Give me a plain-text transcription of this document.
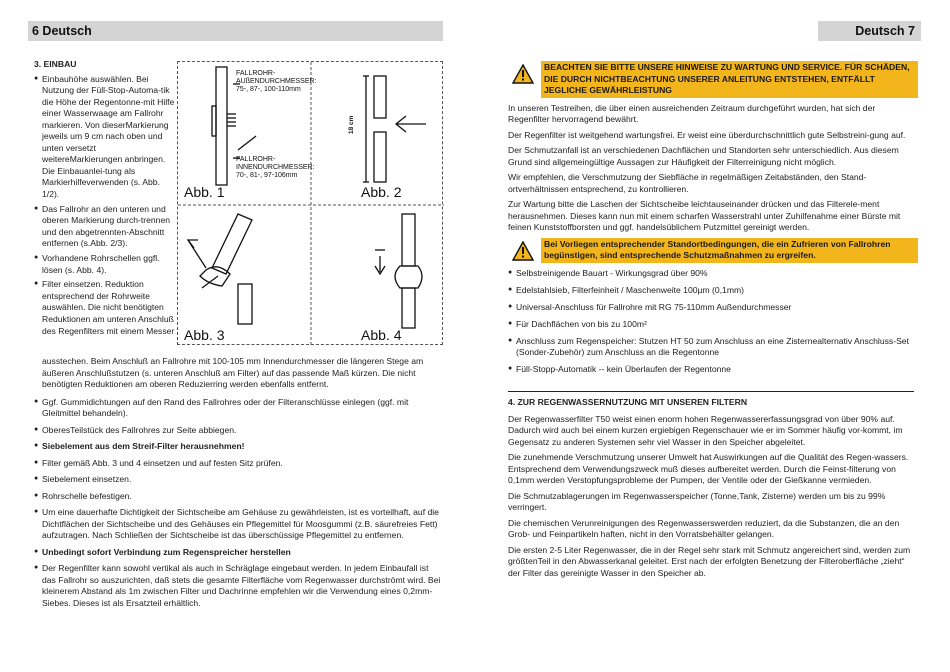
6 Deutsch	Deutsch 7
3. EINBAU
● Einbauhöhe auswählen. Bei Nutzung der Füll-Stop-Automa-tik die Höhe der Regentonne-mit Hilfe einer Wasserwaage am Fallrohr markieren. Von dieserMarkierung jeweils um 9 cm nach oben und unten versetzt weitereMarkierungen anbringen. Die Einbauanlei-tung als Markierhilfeverwenden (s. Abb. 1/2).
● Das Fallrohr an den unteren und oberen Markierung durch-trennen und den abgetrennten-Abschnitt entfernen (s.Abb. 2/3).
● Vorhandene Rohrschellen ggfl. lösen (s. Abb. 4).
● Filter einsetzen. Reduktion entsprechend der Rohrweite auswählen. Die nicht benötigten Reduktionen am unteren Anschluß des Regenfilters mit einem Messer
FALLROHR-
AUßENDURCHMESSER:
75-, 87-, 100-110mm
FALLROHR-
INNENDURCHMESSER:
70-, 81-, 97-106mm
Abb. 1
18 cm
Abb. 2
Abb. 3	Abb. 4

ausstechen. Beim Anschluß an Fallrohre mit 100-105 mm Innendurchmesser die längeren Stege am äußeren Anschlußstutzen (s. unteren Anschluß am Filter) auf das passende Maß kürzen. Die nicht benötigten Reduktionen am oberen Reduzierring werden ebenfalls entfernt.

● Ggf. Gummidichtungen auf den Rand des Fallrohres oder der Filteranschlüsse einlegen (ggf. mit Gleitmittel behandeln).
● OberesTeilstück des Fallrohres zur Seite abbiegen.
● Siebelement aus dem Streif-Filter herausnehmen!
● Filter gemäß Abb. 3 und 4 einsetzen und auf festen Sitz prüfen.
● Siebelement einsetzen.
● Rohrschelle befestigen.
● Um eine dauerhafte Dichtigkeit der Sichtscheibe am Gehäuse zu gewährleisten, ist es vorteilhaft, auf die Dichtflächen der Sichtscheibe und des Gehäuses ein Pflegemittel für Moosgummi (z.B. säurefreies Fett) aufzutragen. Nach Schließen der Sichtscheibe ist das überschüssige Pflegemittel zu entfernen.
● Unbedingt sofort Verbindung zum Regenspreicher herstellen
● Der Regenfilter kann sowohl vertikal als auch in Schräglage eingebaut werden. In jedem Einbaufall ist das Fallrohr so auszurichten, daß stets die gesamte Filterfläche vom Regenwasser durchströmt wird. Bei kleinerem Abstand als 1m zwischen Filter und Dachrinne empfehlen wir die Verwendung eines 0,2mm-Siebes. Dieses ist als Ersatzteil erhältlich.
BEACHTEN SIE BITTE UNSERE HINWEISE ZU WARTUNG UND SERVICE. FÜR SCHÄDEN, DIE DURCH NICHTBEACHTUNG UNSERER ANLEITUNG ENTSTEHEN, ENTFÄLLT JEGLICHE GEWÄHRLEISTUNG

In unseren Testreihen, die über einen ausreichenden Zeitraum durchgeführt wurden, hat sich der Regenfilter hervorragend bewährt.

Der Regenfilter ist weitgehend wartungsfrei. Er weist eine überdurchschnittlich gute Selbstreini-gung auf.

Der Schmutzanfall ist an verschiedenen Dachflächen und Standorten sehr unterschiedlich. Aus diesem Grund sind allgemeingültige Aussagen zur Häufigkeit der Filterreinigung nicht möglich.

Wir empfehlen, die Verschmutzung der Siebfläche in regelmäßigen Zeitabständen, den Stand-ortverhältnissen entsprechend, zu kontrollieren.

Zur Wartung bitte die Laschen der Sichtscheibe leichtauseinander drücken und das Filterele-ment herausnehmen. Dieses kann nun mit einem scharfen Wasserstrahl unter Zuhilfenahme einer Bürste mit feinen Kunststoffborsten und ggf. handelsüblichem Putzmittel gereinigt werden.

Bei Vorliegen entsprechender Standortbedingungen, die ein Zufrieren von Fallrohren begünstigen, sind entsprechende Schutzmaßnahmen zu ergreifen.
● Selbstreinigende Bauart - Wirkungsgrad über 90%
● Edelstahlsieb, Filterfeinheit / Maschenweite 100µm (0,1mm)
● Universal-Anschluss für Fallrohre mit RG 75-110mm Außendurchmesser
● Für Dachflächen von bis zu 100m²
● Anschluss zum Regenspeicher: Stutzen HT 50 zum Anschluss an eine Zisternealternativ Anschluss-Set (Sonder-Zubehör) zum Anschluss an die Regentonne
● Füll-Stopp-Automatik -- kein Überlaufen der Regentonne
4. ZUR REGENWASSERNUTZUNG MIT UNSEREN FILTERN

Der Regenwasserfilter T50 weist einen enorm hohen Regenwassererfassungsgrad von über 90% auf. Dadurch wird auch bei einem kurzen ergiebigen Regenschauer wie er im Sommer häufig vor-kommt, im Gegensatz zu anderen Systemen sehr viel Wasser in den Speicher abgeleitet.

Die zunehmende Verschmutzung unserer Umwelt hat Auswirkungen auf die Qualität des Regen-wassers. Entsprechend dem Verwendungszweck muß dieses aufbereitet werden. Durch die Feinst-filterung von 0,1mm werden Verstopfungsprobleme der Pumpen, der Ventile oder der Gießkanne vermieden.

Die Schmutzablagerungen im Regenwasserspeicher (Tonne,Tank, Zisterne) werden um bis zu 99% verringert.

Die chemischen Verunreinigungen des Regenwasserswerden reduziert, da die Substanzen, die an den Grob- und Feinpartikeln haften, nicht in den Vorratsbehälter gelangen.

Die ersten 2-5 Liter Regenwasser, die in der Regel sehr stark mit Schmutz angereichert sind, werden zum größtenTeil in den Abwasserkanal geleitet. Erst nach der erfolgten Benetzung der Filteroberfläche „zieht“ der Filter das gereinigte Wasser in den Speicher ab.
